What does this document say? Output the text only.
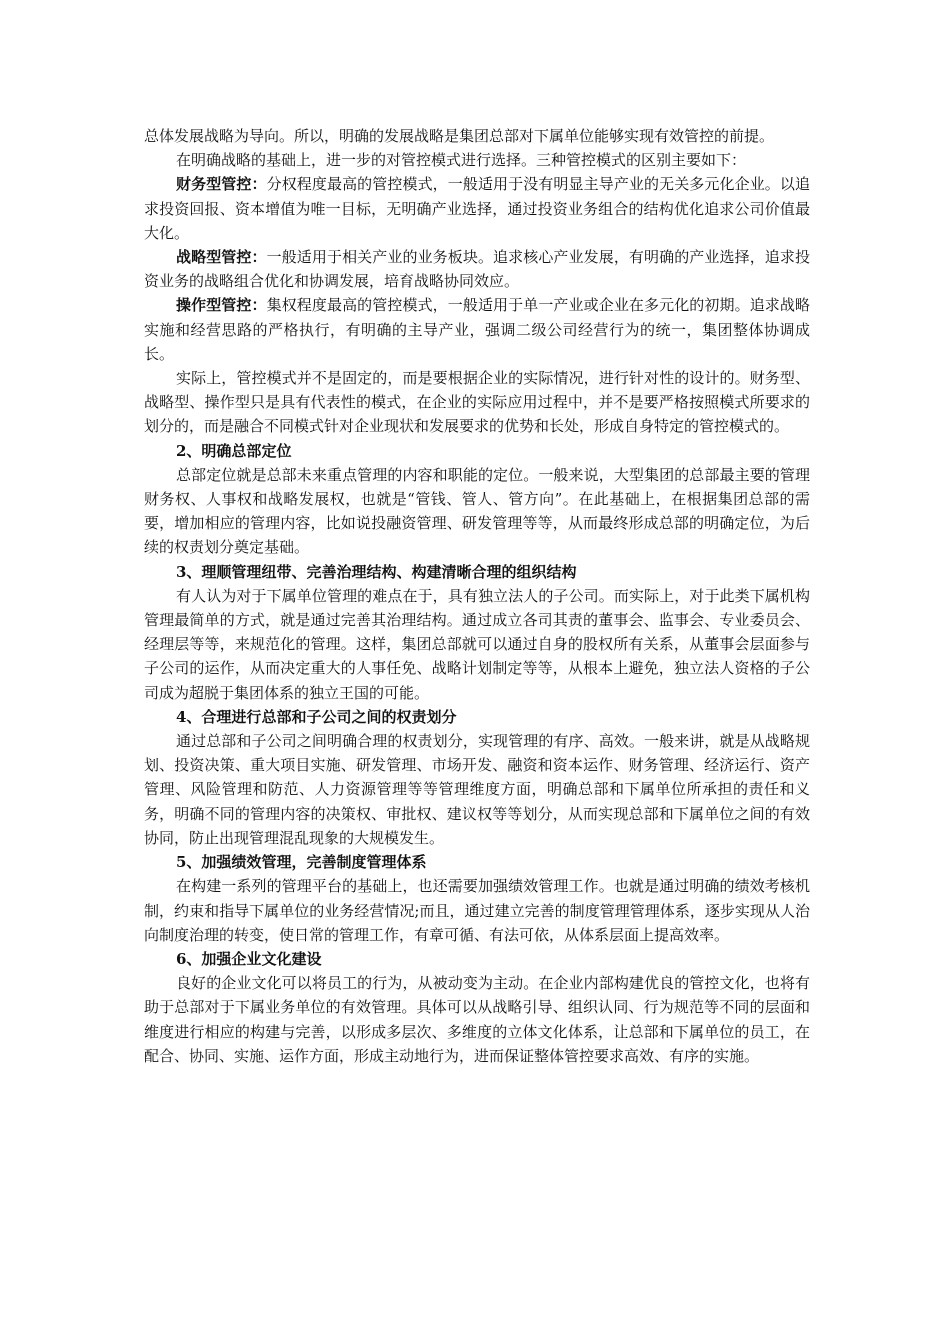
总体发展战略为导向。所以，明确的发展战略是集团总部对下属单位能够实现有效管控的前提。

在明确战略的基础上，进一步的对管控模式进行选择。三种管控模式的区别主要如下：

财务型管控：分权程度最高的管控模式，一般适用于没有明显主导产业的无关多元化企业。以追求投资回报、资本增值为唯一目标，无明确产业选择，通过投资业务组合的结构优化追求公司价值最大化。

战略型管控：一般适用于相关产业的业务板块。追求核心产业发展，有明确的产业选择，追求投资业务的战略组合优化和协调发展，培育战略协同效应。

操作型管控：集权程度最高的管控模式，一般适用于单一产业或企业在多元化的初期。追求战略实施和经营思路的严格执行，有明确的主导产业，强调二级公司经营行为的统一，集团整体协调成长。

实际上，管控模式并不是固定的，而是要根据企业的实际情况，进行针对性的设计的。财务型、战略型、操作型只是具有代表性的模式，在企业的实际应用过程中，并不是要严格按照模式所要求的划分的，而是融合不同模式针对企业现状和发展要求的优势和长处，形成自身特定的管控模式的。

2、明确总部定位

总部定位就是总部未来重点管理的内容和职能的定位。一般来说，大型集团的总部最主要的管理财务权、人事权和战略发展权，也就是“管钱、管人、管方向”。在此基础上，在根据集团总部的需要，增加相应的管理内容，比如说投融资管理、研发管理等等，从而最终形成总部的明确定位，为后续的权责划分奠定基础。

3、理顺管理纽带、完善治理结构、构建清晰合理的组织结构

有人认为对于下属单位管理的难点在于，具有独立法人的子公司。而实际上，对于此类下属机构管理最简单的方式，就是通过完善其治理结构。通过成立各司其责的董事会、监事会、专业委员会、经理层等等，来规范化的管理。这样，集团总部就可以通过自身的股权所有关系，从董事会层面参与子公司的运作，从而决定重大的人事任免、战略计划制定等等，从根本上避免，独立法人资格的子公司成为超脱于集团体系的独立王国的可能。

4、合理进行总部和子公司之间的权责划分

通过总部和子公司之间明确合理的权责划分，实现管理的有序、高效。一般来讲，就是从战略规划、投资决策、重大项目实施、研发管理、市场开发、融资和资本运作、财务管理、经济运行、资产管理、风险管理和防范、人力资源管理等等管理维度方面，明确总部和下属单位所承担的责任和义务，明确不同的管理内容的决策权、审批权、建议权等等划分，从而实现总部和下属单位之间的有效协同，防止出现管理混乱现象的大规模发生。

5、加强绩效管理，完善制度管理体系

在构建一系列的管理平台的基础上，也还需要加强绩效管理工作。也就是通过明确的绩效考核机制，约束和指导下属单位的业务经营情况;而且，通过建立完善的制度管理管理体系，逐步实现从人治向制度治理的转变，使日常的管理工作，有章可循、有法可依，从体系层面上提高效率。

6、加强企业文化建设

良好的企业文化可以将员工的行为，从被动变为主动。在企业内部构建优良的管控文化，也将有助于总部对于下属业务单位的有效管理。具体可以从战略引导、组织认同、行为规范等不同的层面和维度进行相应的构建与完善，以形成多层次、多维度的立体文化体系，让总部和下属单位的员工，在配合、协同、实施、运作方面，形成主动地行为，进而保证整体管控要求高效、有序的实施。
